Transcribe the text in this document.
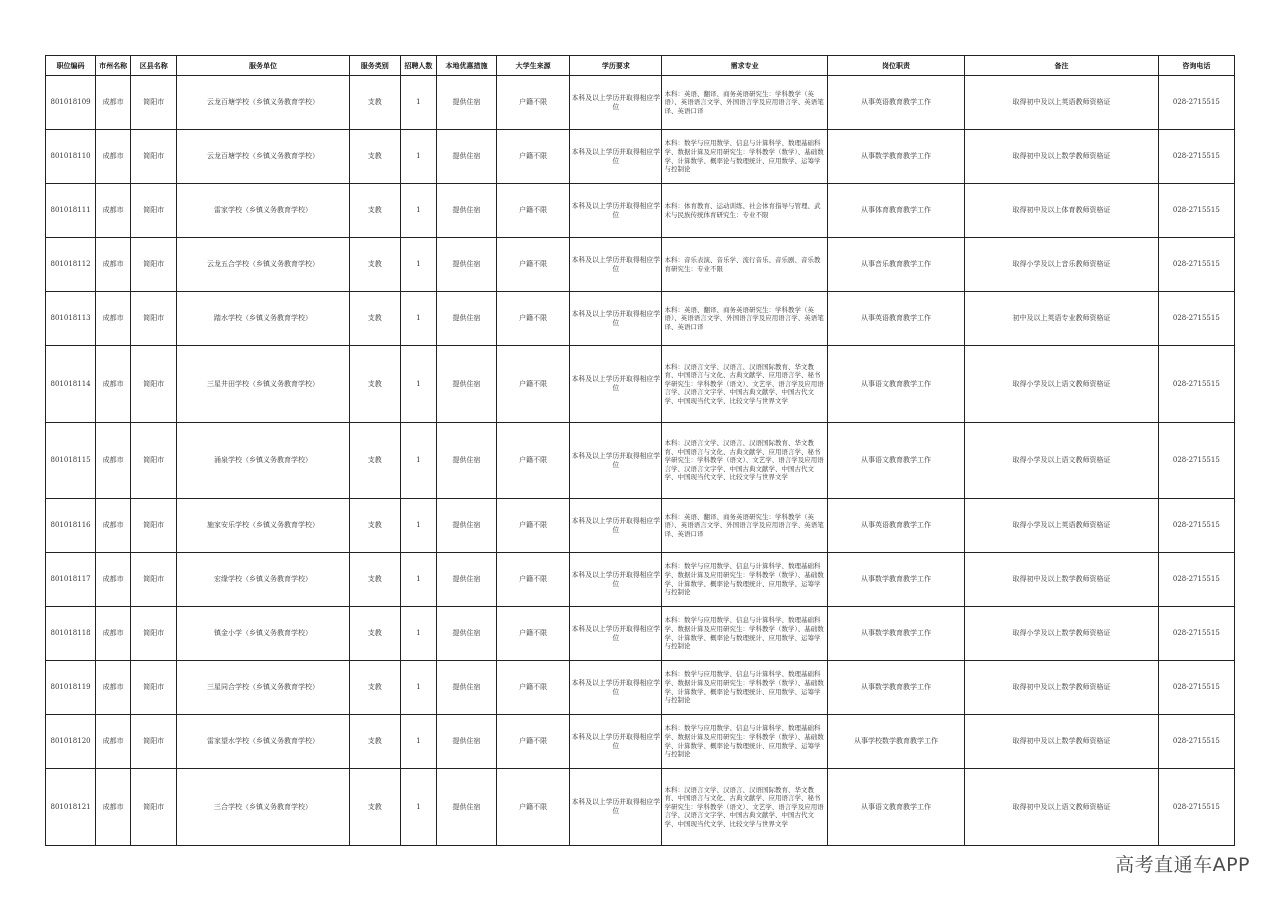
职位编码	市州名称	区县名称	服务单位	服务类别	招聘人数	本地优惠措施	大学生来源	学历要求	需求专业	岗位职责	备注	咨询电话
801018109	成都市	简阳市	云龙百塘学校（乡镇义务教育学校）	支教	1	提供住宿	户籍不限	本科及以上学历并取得相应学位	本科：英语、翻译、商务英语研究生：学科教学（英语）、英语语言文学、外国语言学及应用语言学、英语笔译、英语口译	从事英语教育教学工作	取得初中及以上英语教师资格证	028-2715515
801018110	成都市	简阳市	云龙百塘学校（乡镇义务教育学校）	支教	1	提供住宿	户籍不限	本科及以上学历并取得相应学位	本科：数学与应用数学、信息与计算科学、数理基础科学、数据计算及应用研究生：学科教学（数学）、基础数学、计算数学、概率论与数理统计、应用数学、运筹学与控制论	从事数学教育教学工作	取得初中及以上数学教师资格证	028-2715515
801018111	成都市	简阳市	雷家学校（乡镇义务教育学校）	支教	1	提供住宿	户籍不限	本科及以上学历并取得相应学位	本科：体育教育、运动训练、社会体育指导与管理、武术与民族传统体育研究生：专业不限	从事体育教育教学工作	取得初中及以上体育教师资格证	028-2715515
801018112	成都市	简阳市	云龙五合学校（乡镇义务教育学校）	支教	1	提供住宿	户籍不限	本科及以上学历并取得相应学位	本科：音乐表演、音乐学、流行音乐、音乐剧、音乐教育研究生：专业不限	从事音乐教育教学工作	取得小学及以上音乐教师资格证	028-2715515
801018113	成都市	简阳市	踏水学校（乡镇义务教育学校）	支教	1	提供住宿	户籍不限	本科及以上学历并取得相应学位	本科：英语、翻译、商务英语研究生：学科教学（英语）、英语语言文学、外国语言学及应用语言学、英语笔译、英语口译	从事英语教育教学工作	初中及以上英语专业教师资格证	028-2715515
801018114	成都市	简阳市	三星井田学校（乡镇义务教育学校）	支教	1	提供住宿	户籍不限	本科及以上学历并取得相应学位	本科：汉语言文学、汉语言、汉语国际教育、华文教育、中国语言与文化、古典文献学、应用语言学、秘书学研究生：学科教学（语文）、文艺学、语言学及应用语言学、汉语言文字学、中国古典文献学、中国古代文学、中国现当代文学、比较文学与世界文学	从事语文教育教学工作	取得小学及以上语文教师资格证	028-2715515
801018115	成都市	简阳市	涌泉学校（乡镇义务教育学校）	支教	1	提供住宿	户籍不限	本科及以上学历并取得相应学位	本科：汉语言文学、汉语言、汉语国际教育、华文教育、中国语言与文化、古典文献学、应用语言学、秘书学研究生：学科教学（语文）、文艺学、语言学及应用语言学、汉语言文字学、中国古典文献学、中国古代文学、中国现当代文学、比较文学与世界文学	从事语文教育教学工作	取得小学及以上语文教师资格证	028-2715515
801018116	成都市	简阳市	施家安乐学校（乡镇义务教育学校）	支教	1	提供住宿	户籍不限	本科及以上学历并取得相应学位	本科：英语、翻译、商务英语研究生：学科教学（英语）、英语语言文学、外国语言学及应用语言学、英语笔译、英语口译	从事英语教育教学工作	取得小学及以上英语教师资格证	028-2715515
801018117	成都市	简阳市	宏缘学校（乡镇义务教育学校）	支教	1	提供住宿	户籍不限	本科及以上学历并取得相应学位	本科：数学与应用数学、信息与计算科学、数理基础科学、数据计算及应用研究生：学科教学（数学）、基础数学、计算数学、概率论与数理统计、应用数学、运筹学与控制论	从事数学教育教学工作	取得初中及以上数学教师资格证	028-2715515
801018118	成都市	简阳市	镇金小学（乡镇义务教育学校）	支教	1	提供住宿	户籍不限	本科及以上学历并取得相应学位	本科：数学与应用数学、信息与计算科学、数理基础科学、数据计算及应用研究生：学科教学（数学）、基础数学、计算数学、概率论与数理统计、应用数学、运筹学与控制论	从事数学教育教学工作	取得小学及以上数学教师资格证	028-2715515
801018119	成都市	简阳市	三星同合学校（乡镇义务教育学校）	支教	1	提供住宿	户籍不限	本科及以上学历并取得相应学位	本科：数学与应用数学、信息与计算科学、数理基础科学、数据计算及应用研究生：学科教学（数学）、基础数学、计算数学、概率论与数理统计、应用数学、运筹学与控制论	从事数学教育教学工作	取得初中及以上数学教师资格证	028-2715515
801018120	成都市	简阳市	雷家望水学校（乡镇义务教育学校）	支教	1	提供住宿	户籍不限	本科及以上学历并取得相应学位	本科：数学与应用数学、信息与计算科学、数理基础科学、数据计算及应用研究生：学科教学（数学）、基础数学、计算数学、概率论与数理统计、应用数学、运筹学与控制论	从事学校数学教育教学工作	取得初中及以上数学教师资格证	028-2715515
801018121	成都市	简阳市	三合学校（乡镇义务教育学校）	支教	1	提供住宿	户籍不限	本科及以上学历并取得相应学位	本科：汉语言文学、汉语言、汉语国际教育、华文教育、中国语言与文化、古典文献学、应用语言学、秘书学研究生：学科教学（语文）、文艺学、语言学及应用语言学、汉语言文字学、中国古典文献学、中国古代文学、中国现当代文学、比较文学与世界文学	从事语文教育教学工作	取得初中及以上语文教师资格证	028-2715515
高考直通车APP
